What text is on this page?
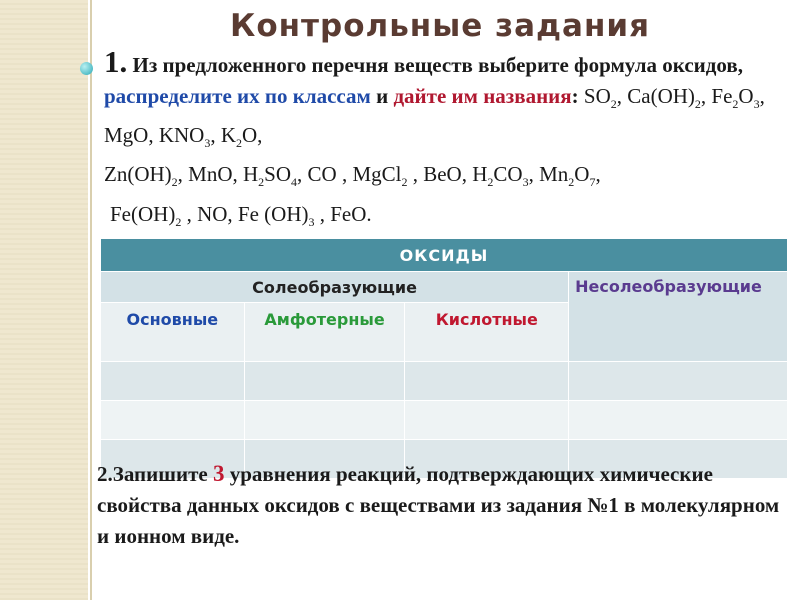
Контрольные задания
1. Из предложенного перечня веществ выберите формула оксидов, распределите их по классам и дайте им названия: $SO_2$, $Ca(OH)_2$, $Fe_2O_3$, MgO, $KNO_3$, $K_2O$,
$Zn(OH)_2$, MnO, $H_2SO_4$, CO , MgCl$_2$ , BeO, $H_2CO_3$, $Mn_2O_7$,
$Fe(OH)_2$ , NO, Fe $(OH)_3$ , FeO.
ОКСИДЫ			
Солеобразующие			Несолеобразующие
Основные	Амфотерные	Кислотные	

2.Запишите 3 уравнения реакций, подтверждающих химические свойства данных оксидов с веществами из задания №1 в молекулярном и ионном виде.
